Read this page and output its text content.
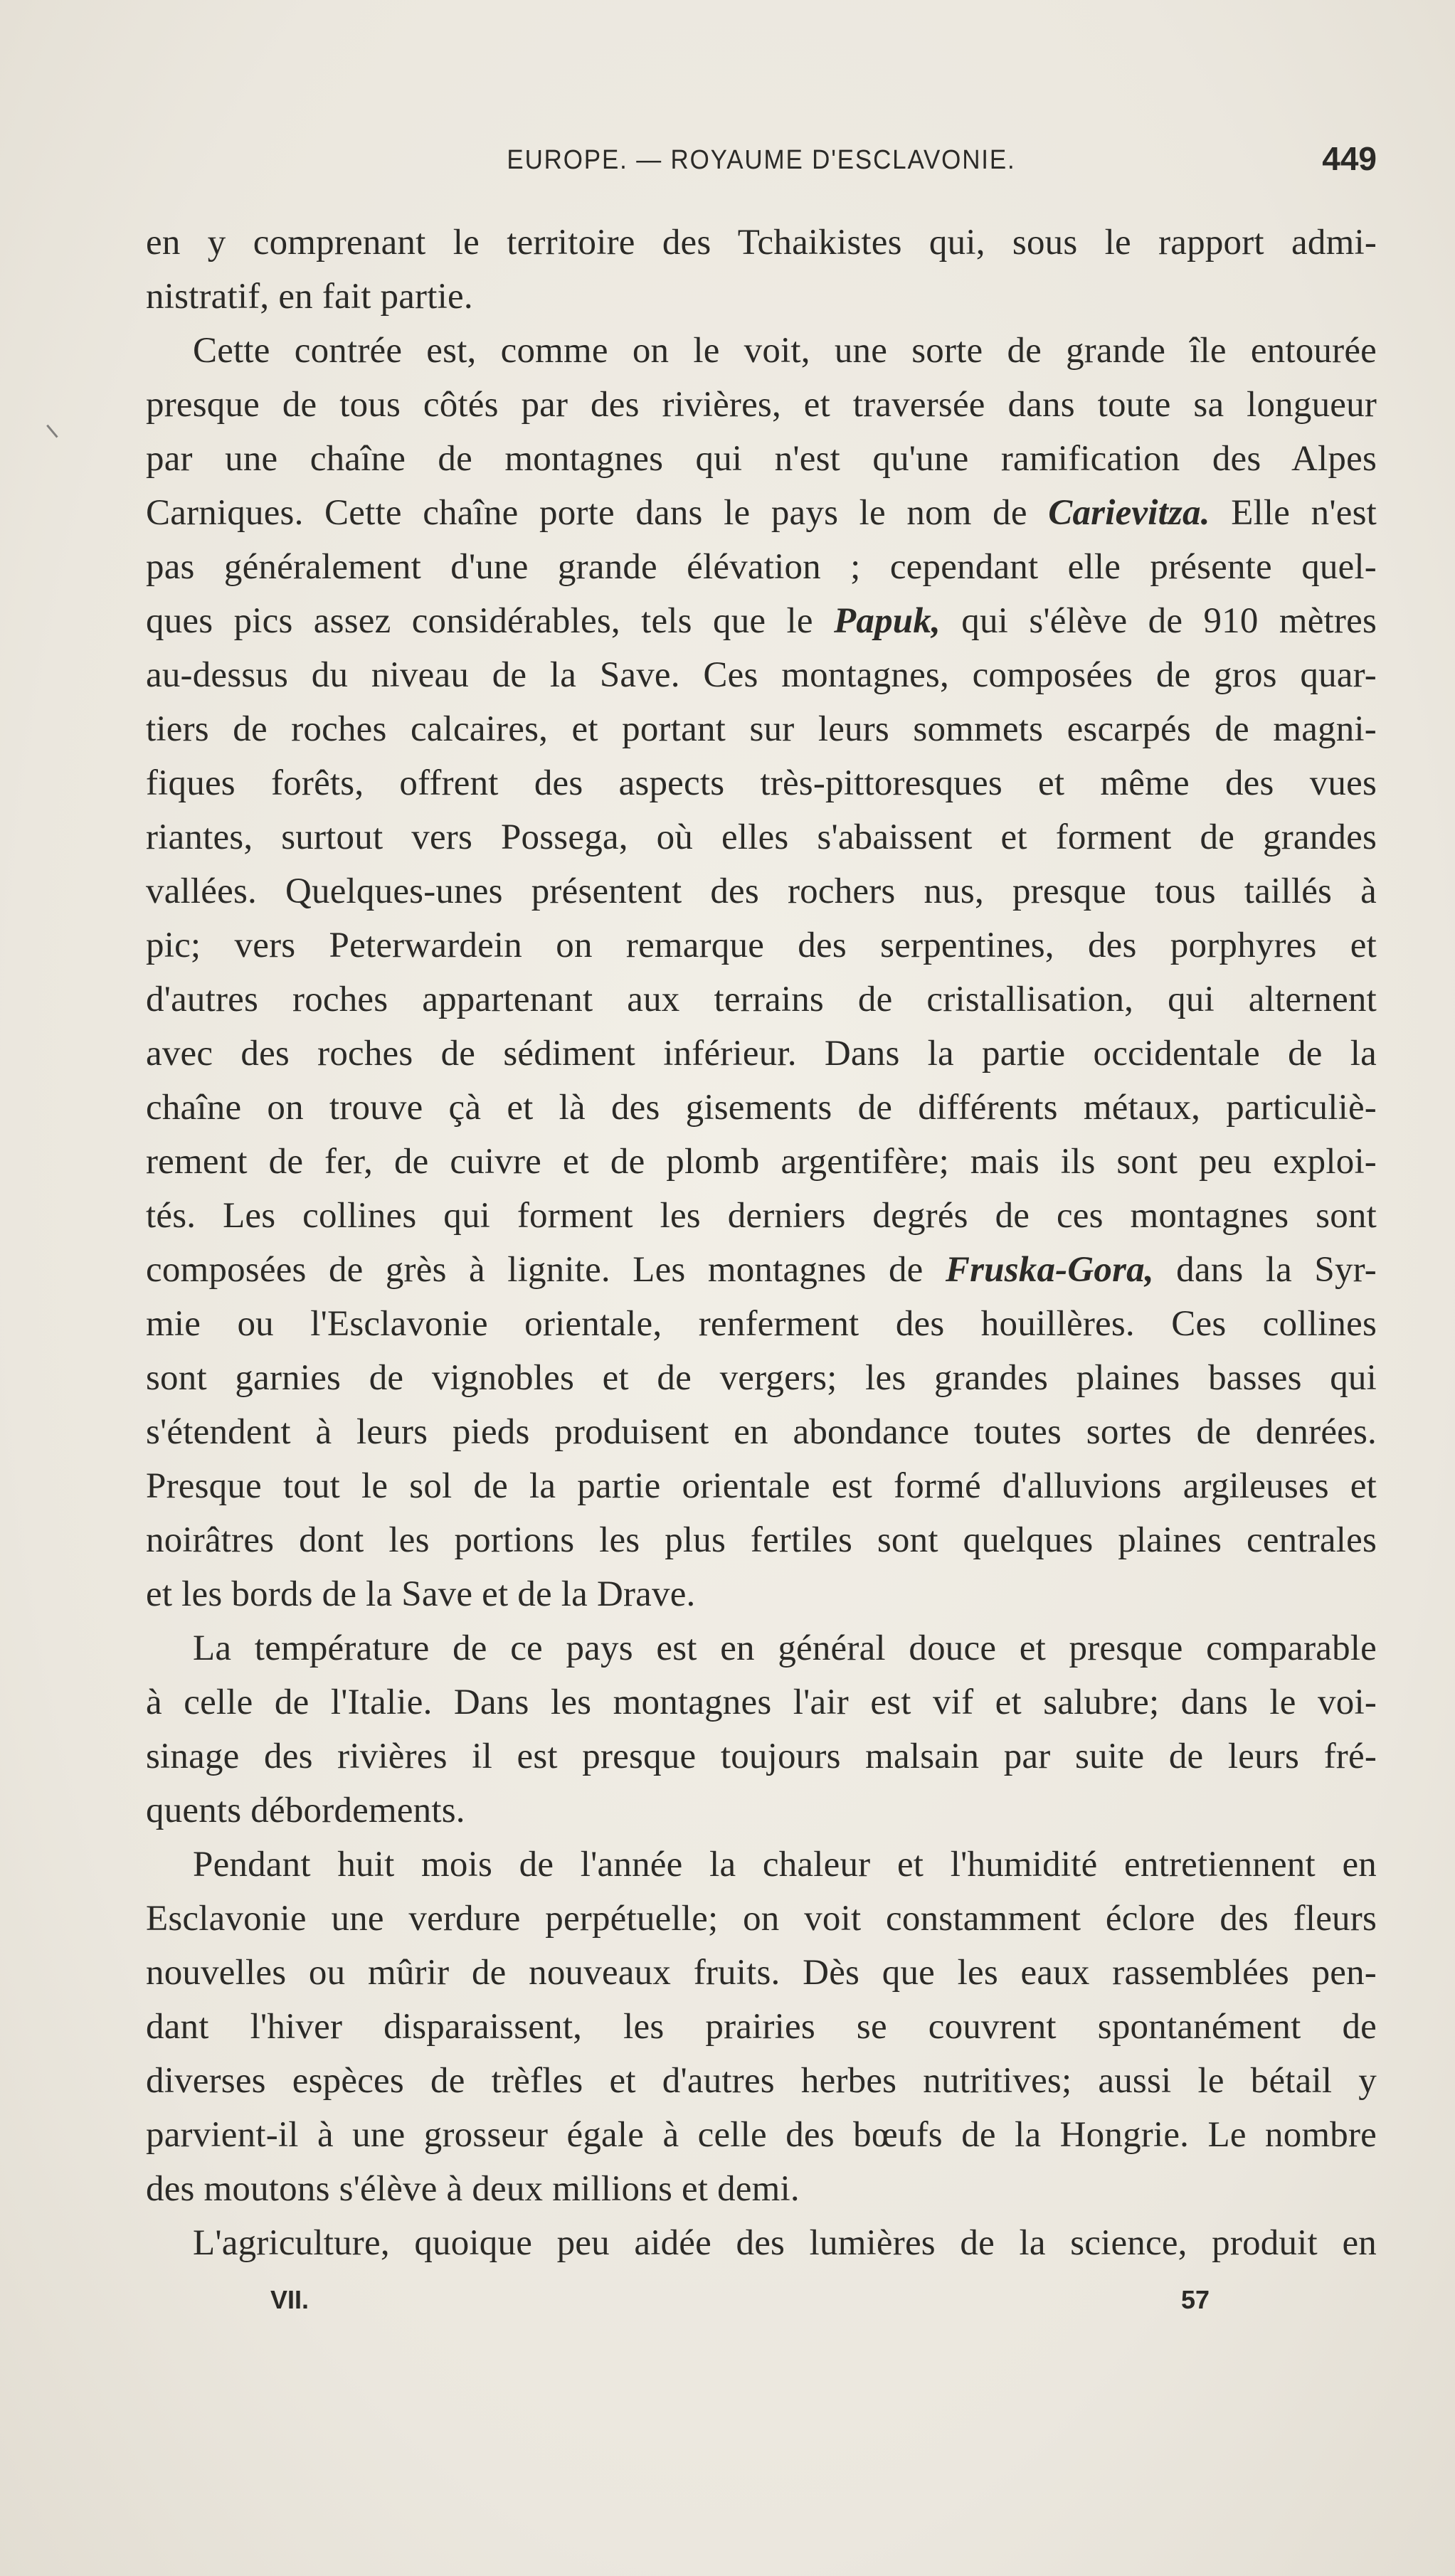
EUROPE. — ROYAUME D'ESCLAVONIE.	449
en y comprenant le territoire des Tchaikistes qui, sous le rapport admi-
nistratif, en fait partie.
Cette contrée est, comme on le voit, une sorte de grande île entourée
presque de tous côtés par des rivières, et traversée dans toute sa longueur
par une chaîne de montagnes qui n'est qu'une ramification des Alpes
Carniques. Cette chaîne porte dans le pays le nom de Carievitza. Elle n'est
pas généralement d'une grande élévation ; cependant elle présente quel-
ques pics assez considérables, tels que le Papuk, qui s'élève de 910 mètres
au-dessus du niveau de la Save. Ces montagnes, composées de gros quar-
tiers de roches calcaires, et portant sur leurs sommets escarpés de magni-
fiques forêts, offrent des aspects très-pittoresques et même des vues
riantes, surtout vers Possega, où elles s'abaissent et forment de grandes
vallées. Quelques-unes présentent des rochers nus, presque tous taillés à
pic; vers Peterwardein on remarque des serpentines, des porphyres et
d'autres roches appartenant aux terrains de cristallisation, qui alternent
avec des roches de sédiment inférieur. Dans la partie occidentale de la
chaîne on trouve çà et là des gisements de différents métaux, particuliè-
rement de fer, de cuivre et de plomb argentifère; mais ils sont peu exploi-
tés. Les collines qui forment les derniers degrés de ces montagnes sont
composées de grès à lignite. Les montagnes de Fruska-Gora, dans la Syr-
mie ou l'Esclavonie orientale, renferment des houillères. Ces collines
sont garnies de vignobles et de vergers; les grandes plaines basses qui
s'étendent à leurs pieds produisent en abondance toutes sortes de denrées.
Presque tout le sol de la partie orientale est formé d'alluvions argileuses et
noirâtres dont les portions les plus fertiles sont quelques plaines centrales
et les bords de la Save et de la Drave.
La température de ce pays est en général douce et presque comparable
à celle de l'Italie. Dans les montagnes l'air est vif et salubre; dans le voi-
sinage des rivières il est presque toujours malsain par suite de leurs fré-
quents débordements.
Pendant huit mois de l'année la chaleur et l'humidité entretiennent en
Esclavonie une verdure perpétuelle; on voit constamment éclore des fleurs
nouvelles ou mûrir de nouveaux fruits. Dès que les eaux rassemblées pen-
dant l'hiver disparaissent, les prairies se couvrent spontanément de
diverses espèces de trèfles et d'autres herbes nutritives; aussi le bétail y
parvient-il à une grosseur égale à celle des bœufs de la Hongrie. Le nombre
des moutons s'élève à deux millions et demi.
L'agriculture, quoique peu aidée des lumières de la science, produit en
VII.	57
